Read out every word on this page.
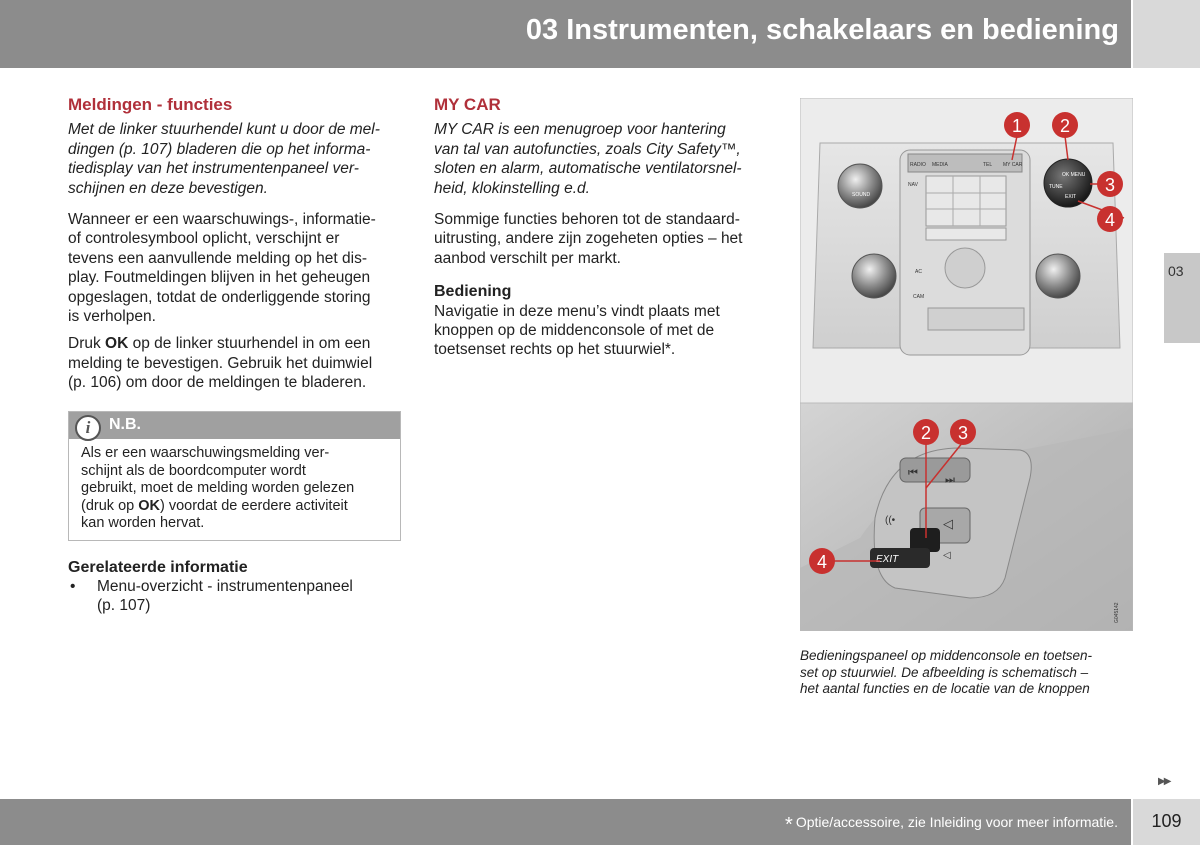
03 Instrumenten, schakelaars en bediening
03

Meldingen - functies

Met de linker stuurhendel kunt u door de mel-
dingen (p. 107) bladeren die op het informa-
tiedisplay van het instrumentenpaneel ver-
schijnen en deze bevestigen.

Wanneer er een waarschuwings-, informatie-
of controlesymbool oplicht, verschijnt er
tevens een aanvullende melding op het dis-
play. Foutmeldingen blijven in het geheugen
opgeslagen, totdat de onderliggende storing
is verholpen.

Druk OK op de linker stuurhendel in om een
melding te bevestigen. Gebruik het duimwiel
(p. 106) om door de meldingen te bladeren.

i	N.B.
Als er een waarschuwingsmelding ver-
schijnt als de boordcomputer wordt
gebruikt, moet de melding worden gelezen
(druk op OK) voordat de eerdere activiteit
kan worden hervat.
Gerelateerde informatie
• Menu-overzicht - instrumentenpaneel
(p. 107)

MY CAR

MY CAR is een menugroep voor hantering
van tal van autofuncties, zoals City Safety™,
sloten en alarm, automatische ventilatorsnel-
heid, klokinstelling e.d.

Sommige functies behoren tot de standaard-
uitrusting, andere zijn zogeheten opties – het
aanbod verschilt per markt.

Bediening

Navigatie in deze menu’s vindt plaats met
knoppen op de middenconsole of met de
toetsenset rechts op het stuurwiel*.

RADIO MEDIA	TEL MY CAR
NAV
SOUND
OK MENU
TUNE
EXIT
AC
CAM
1 2
3
4
⏮
⏭
EXIT
((•	◁
◁
G045142
2 3
4
Bedieningspaneel op middenconsole en toetsen-
set op stuurwiel. De afbeelding is schematisch –
het aantal functies en de locatie van de knoppen
▶▶
* Optie/accessoire, zie Inleiding voor meer informatie.	109
